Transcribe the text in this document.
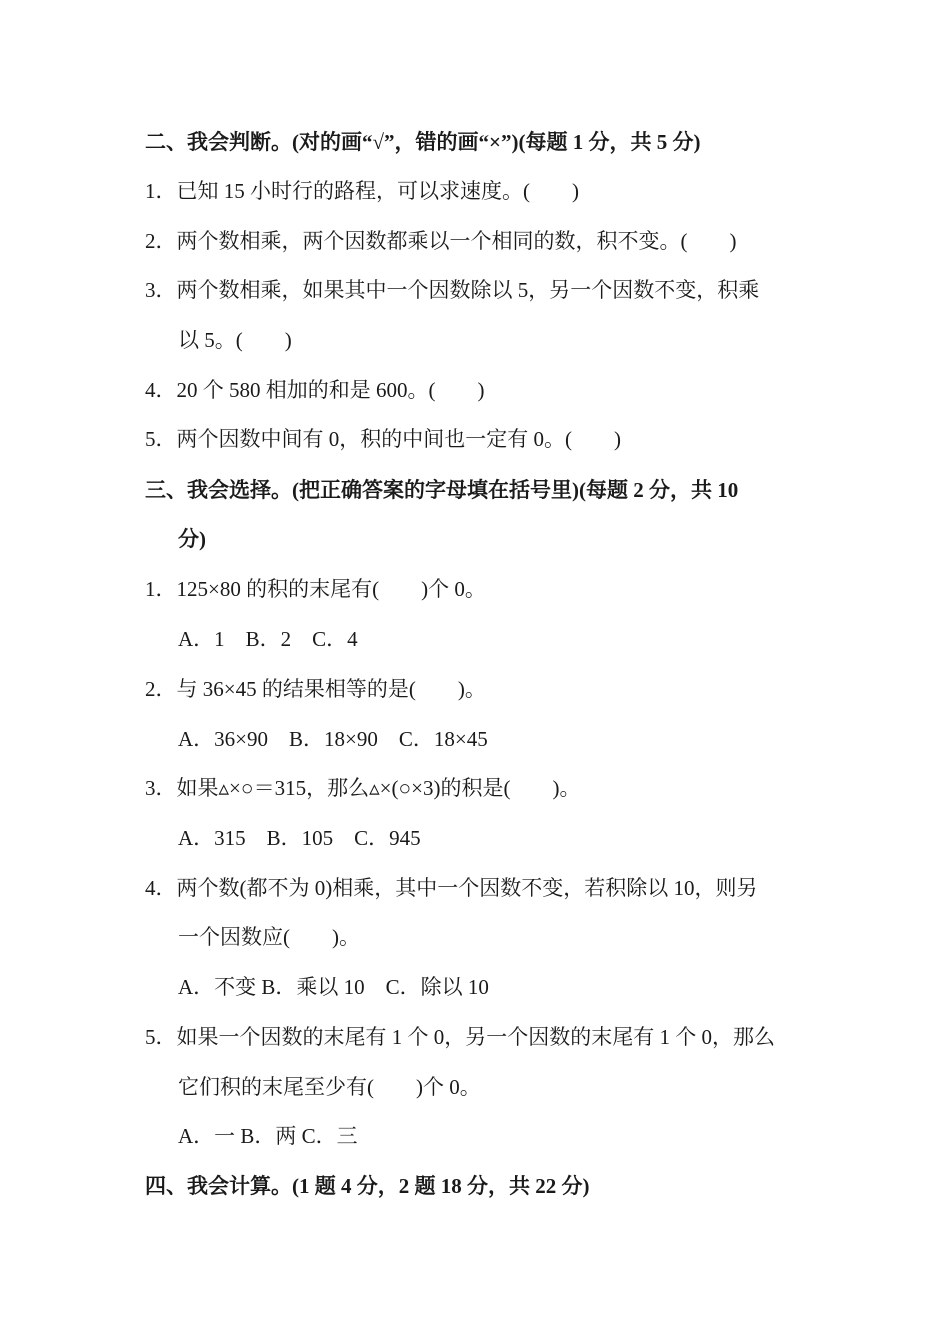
二、我会判断。(对的画“√”，错的画“×”)(每题 1 分，共 5 分)
1．已知 15 小时行的路程，可以求速度。(　　)
2．两个数相乘，两个因数都乘以一个相同的数，积不变。(　　)
3．两个数相乘，如果其中一个因数除以 5，另一个因数不变，积乘
以 5。(　　)
4．20 个 580 相加的和是 600。(　　)
5．两个因数中间有 0，积的中间也一定有 0。(　　)
三、我会选择。(把正确答案的字母填在括号里)(每题 2 分，共 10
分)
1．125×80 的积的末尾有(　　)个 0。
A．1　B．2　C．4
2．与 36×45 的结果相等的是(　　)。
A．36×90　B．18×90　C．18×45
3．如果▵×○＝315，那么▵×(○×3)的积是(　　)。
A．315　B．105　C．945
4．两个数(都不为 0)相乘，其中一个因数不变，若积除以 10，则另
一个因数应(　　)。
A．不变 B．乘以 10　C．除以 10
5．如果一个因数的末尾有 1 个 0，另一个因数的末尾有 1 个 0，那么
它们积的末尾至少有(　　)个 0。
A．一 B．两 C．三
四、我会计算。(1 题 4 分，2 题 18 分，共 22 分)
